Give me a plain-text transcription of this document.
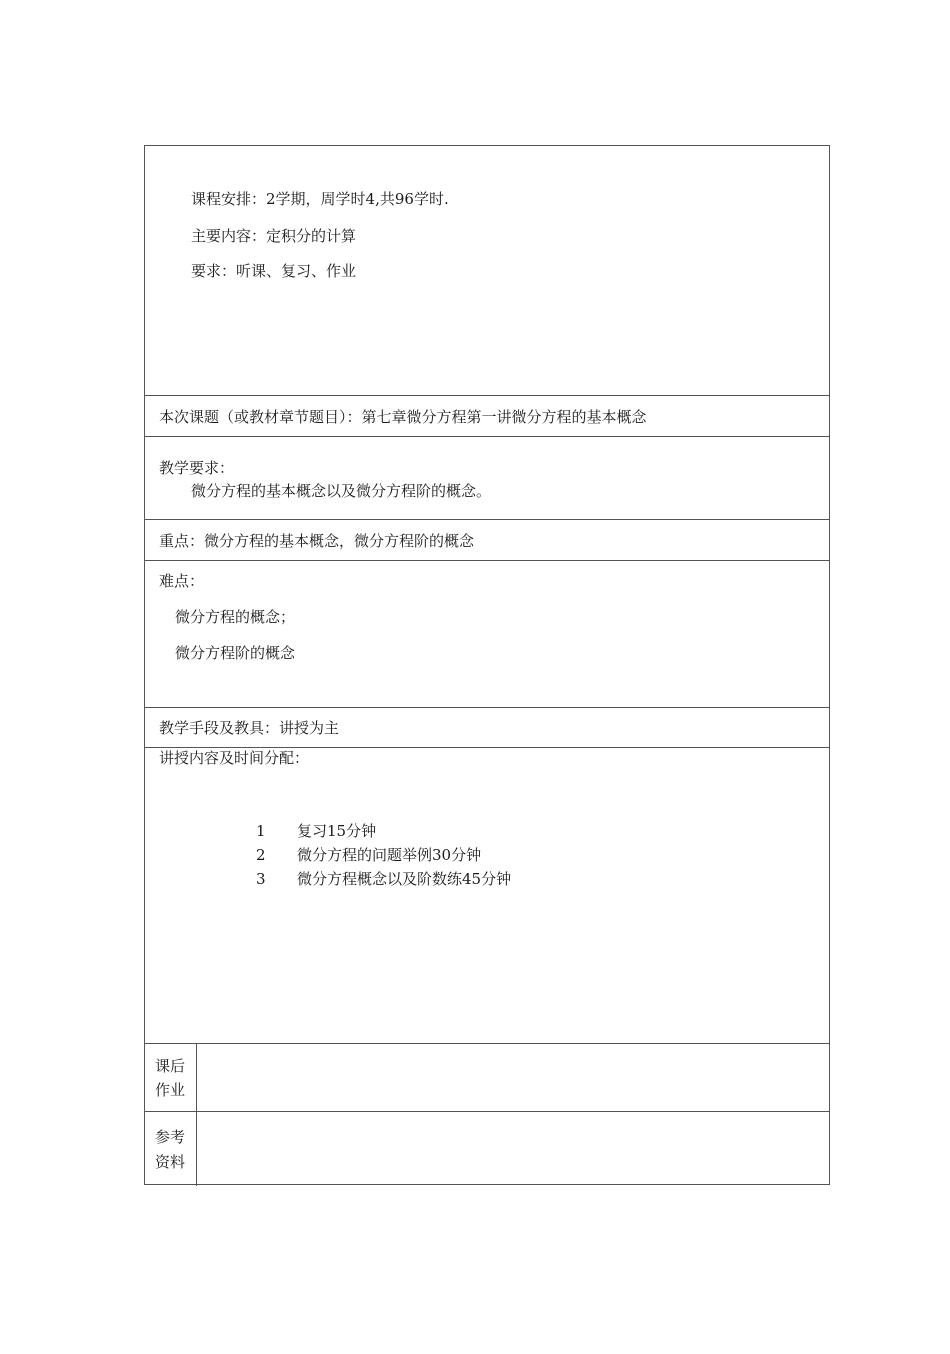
课程安排：2学期，周学时4,共96学时.
主要内容：定积分的计算
要求：听课、复习、作业
本次课题（或教材章节题目）：第七章微分方程第一讲微分方程的基本概念
教学要求：
微分方程的基本概念以及微分方程阶的概念。
重点：微分方程的基本概念，微分方程阶的概念
难点：
微分方程的概念；
微分方程阶的概念
教学手段及教具：讲授为主
讲授内容及时间分配：
1 复习15分钟
2 微分方程的问题举例30分钟
3 微分方程概念以及阶数练45分钟
课后
作业
参考
资料
